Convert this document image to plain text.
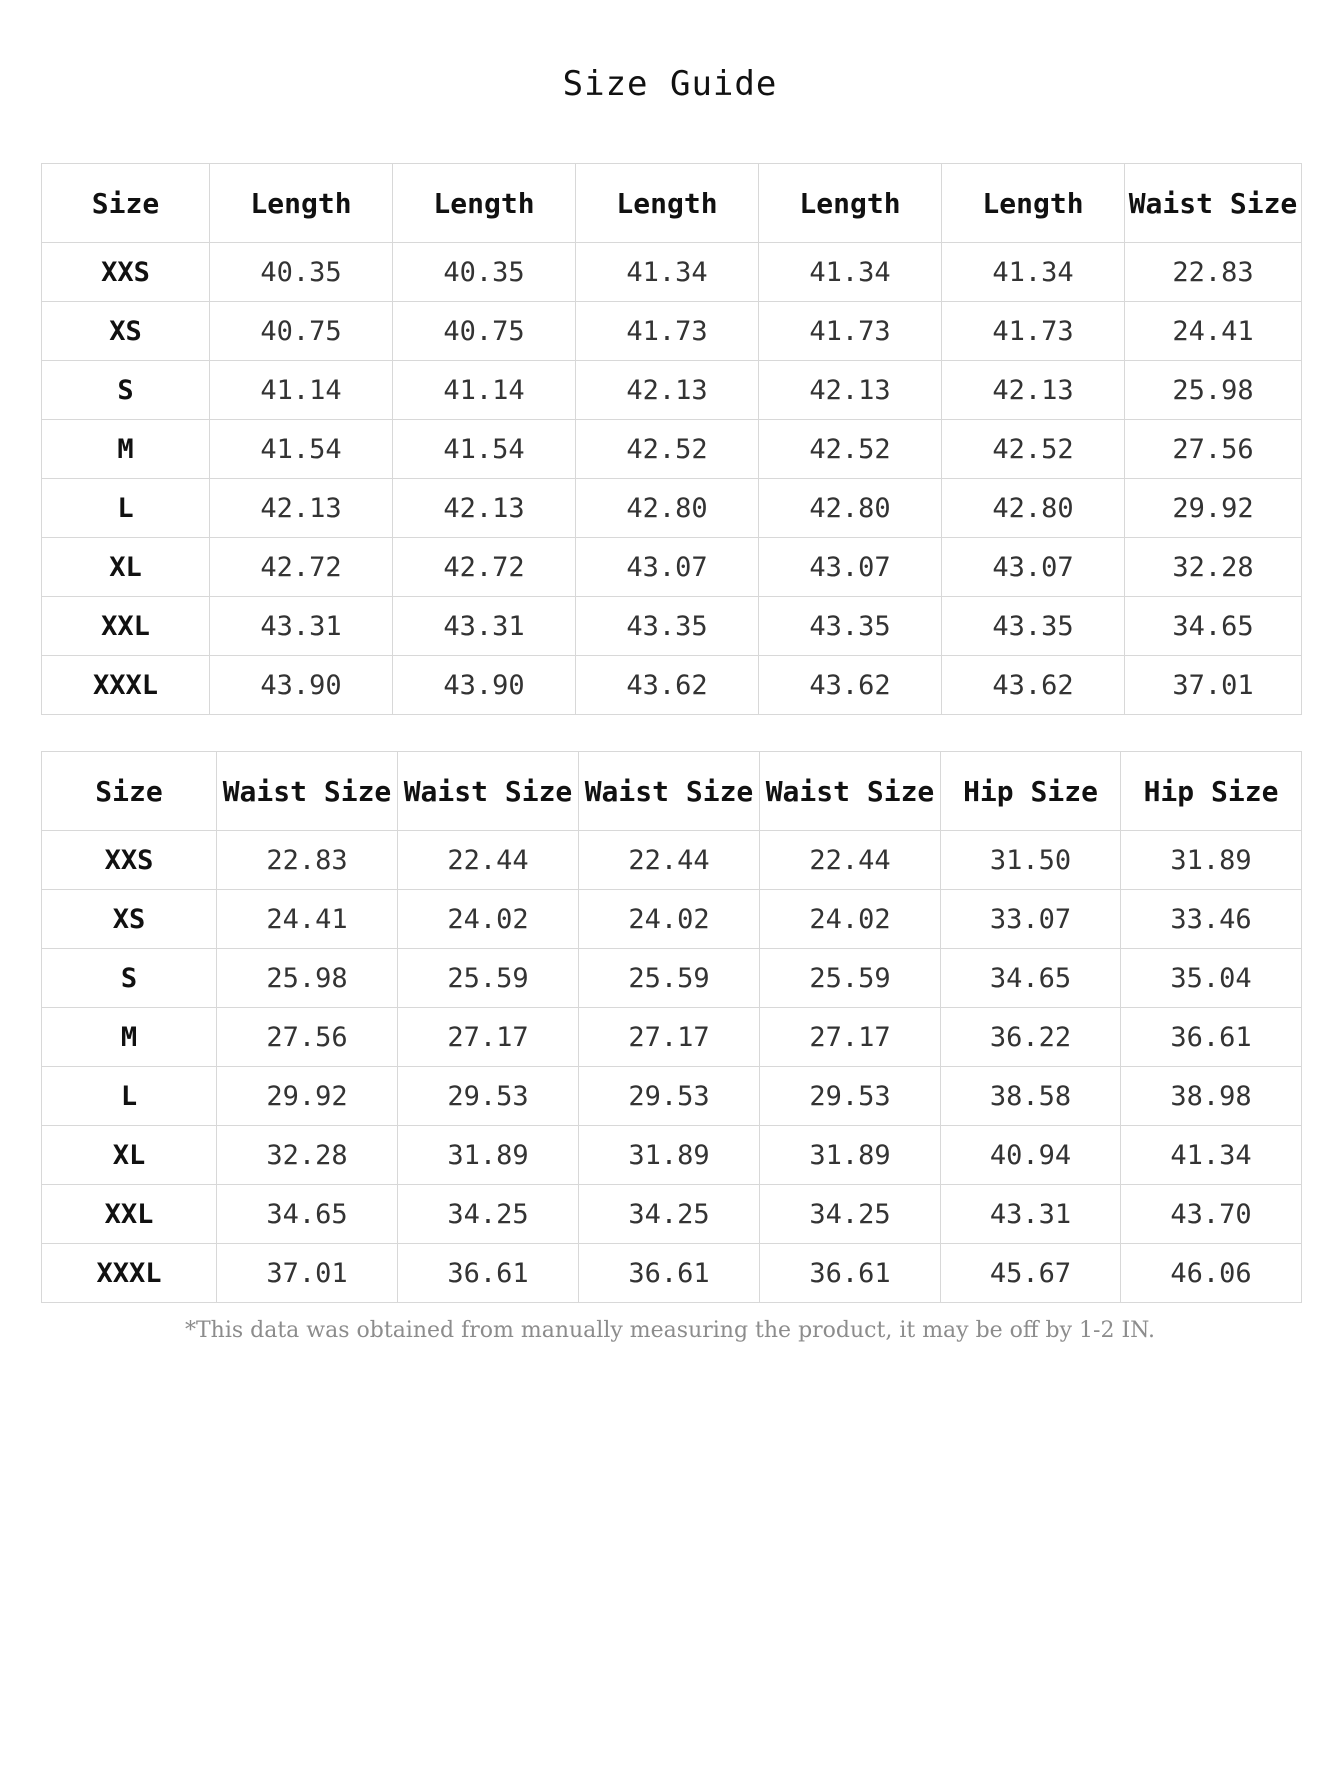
Size Guide
Size	Length	Length	Length	Length	Length	Waist Size
XXS	40.35	40.35	41.34	41.34	41.34	22.83
XS	40.75	40.75	41.73	41.73	41.73	24.41
S	41.14	41.14	42.13	42.13	42.13	25.98
M	41.54	41.54	42.52	42.52	42.52	27.56
L	42.13	42.13	42.80	42.80	42.80	29.92
XL	42.72	42.72	43.07	43.07	43.07	32.28
XXL	43.31	43.31	43.35	43.35	43.35	34.65
XXXL	43.90	43.90	43.62	43.62	43.62	37.01
Size	Waist Size	Waist Size	Waist Size	Waist Size	Hip Size	Hip Size
XXS	22.83	22.44	22.44	22.44	31.50	31.89
XS	24.41	24.02	24.02	24.02	33.07	33.46
S	25.98	25.59	25.59	25.59	34.65	35.04
M	27.56	27.17	27.17	27.17	36.22	36.61
L	29.92	29.53	29.53	29.53	38.58	38.98
XL	32.28	31.89	31.89	31.89	40.94	41.34
XXL	34.65	34.25	34.25	34.25	43.31	43.70
XXXL	37.01	36.61	36.61	36.61	45.67	46.06
*This data was obtained from manually measuring the product, it may be off by 1-2 IN.
